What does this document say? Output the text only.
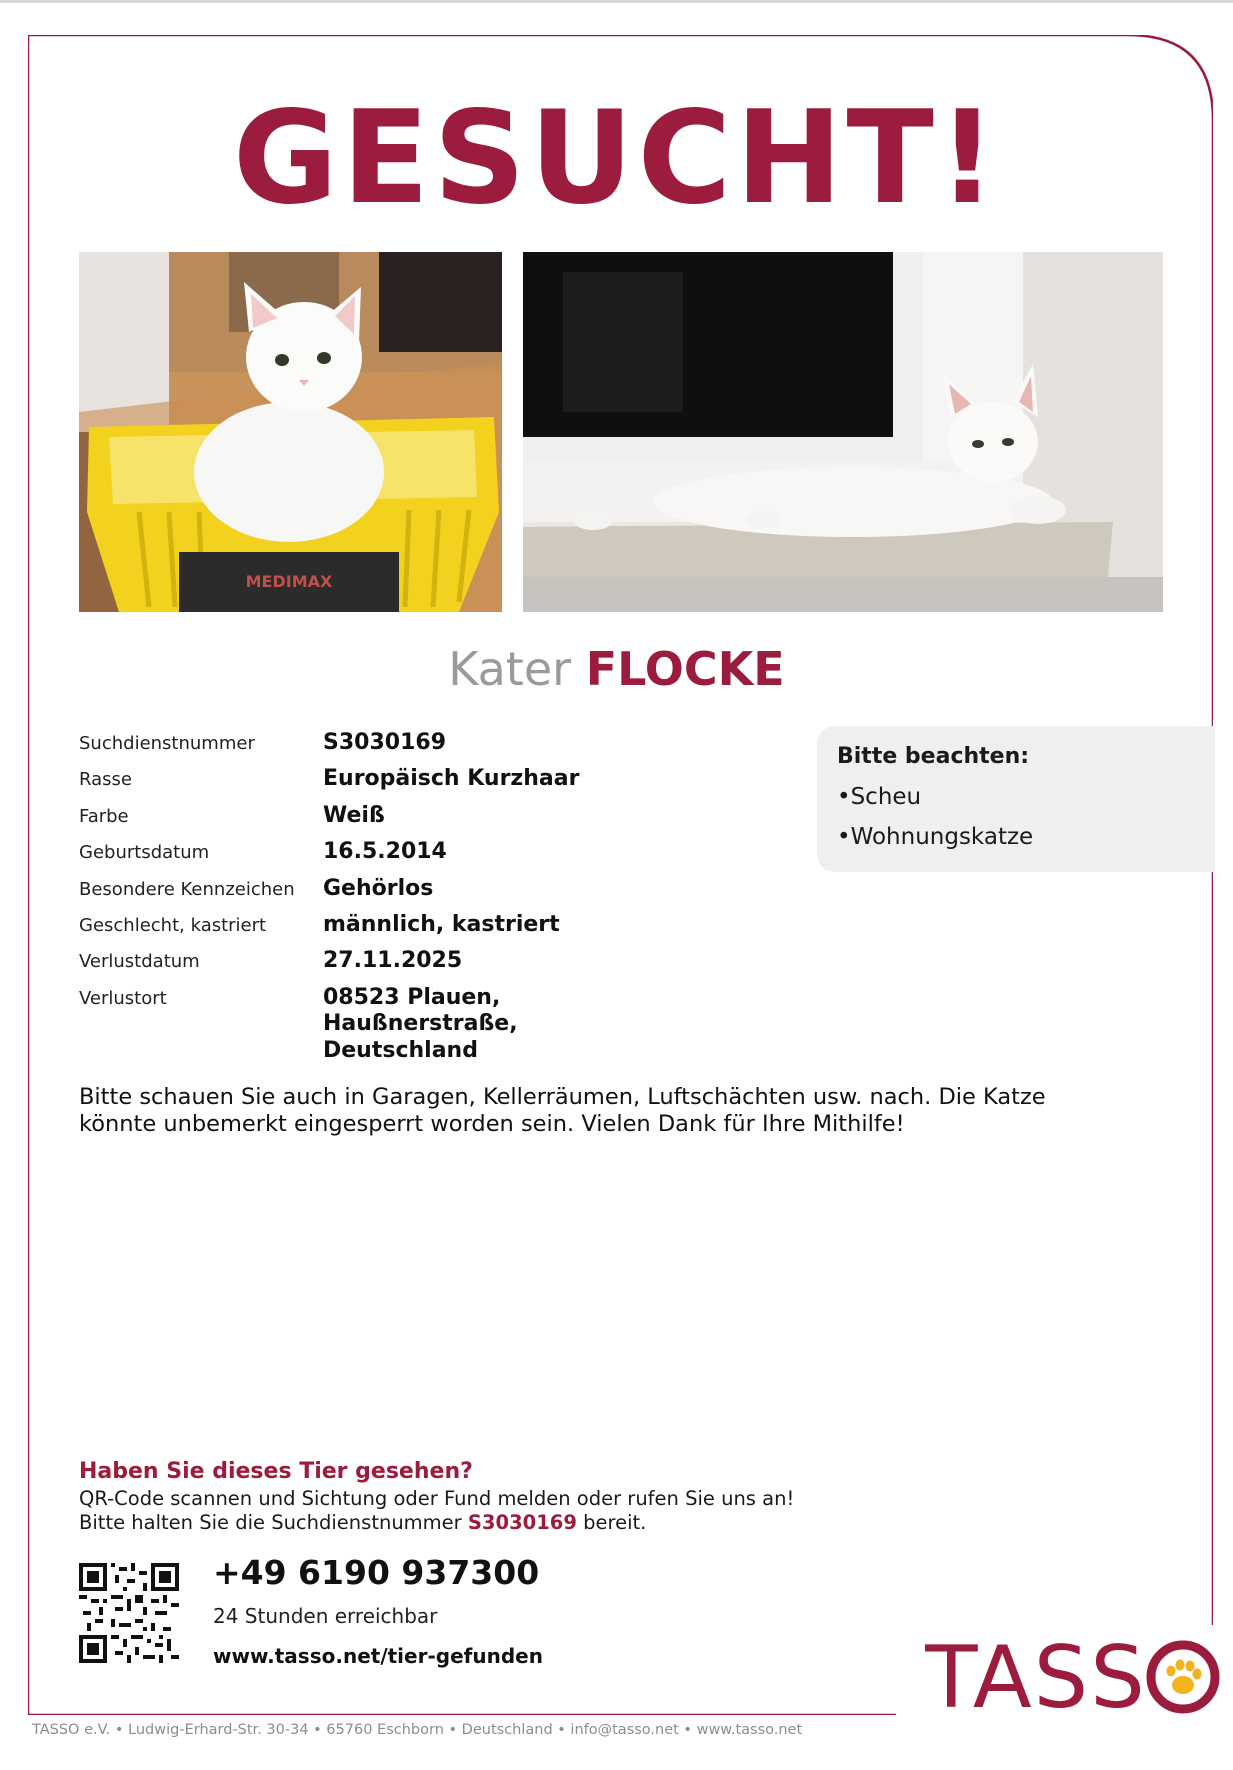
GESUCHT!
MEDIMAX
Kater FLOCKE
Suchdienstnummer	S3030169
Rasse	Europäisch Kurzhaar
Farbe	Weiß
Geburtsdatum	16.5.2014
Besondere Kennzeichen	Gehörlos
Geschlecht, kastriert	männlich, kastriert
Verlustdatum	27.11.2025
Verlustort	08523 Plauen, Haußnerstraße, Deutschland
Bitte beachten:
• Scheu
• Wohnungskatze
Bitte schauen Sie auch in Garagen, Kellerräumen, Luftschächten usw. nach. Die Katze könnte unbemerkt eingesperrt worden sein. Vielen Dank für Ihre Mithilfe!
Haben Sie dieses Tier gesehen?

QR-Code scannen und Sichtung oder Fund melden oder rufen Sie uns an!

Bitte halten Sie die Suchdienstnummer S3030169 bereit.

+49 6190 937300
24 Stunden erreichbar
www.tasso.net/tier-gefunden	TASS
TASSO e.V. • Ludwig-Erhard-Str. 30-34 • 65760 Eschborn • Deutschland • info@tasso.net • www.tasso.net
